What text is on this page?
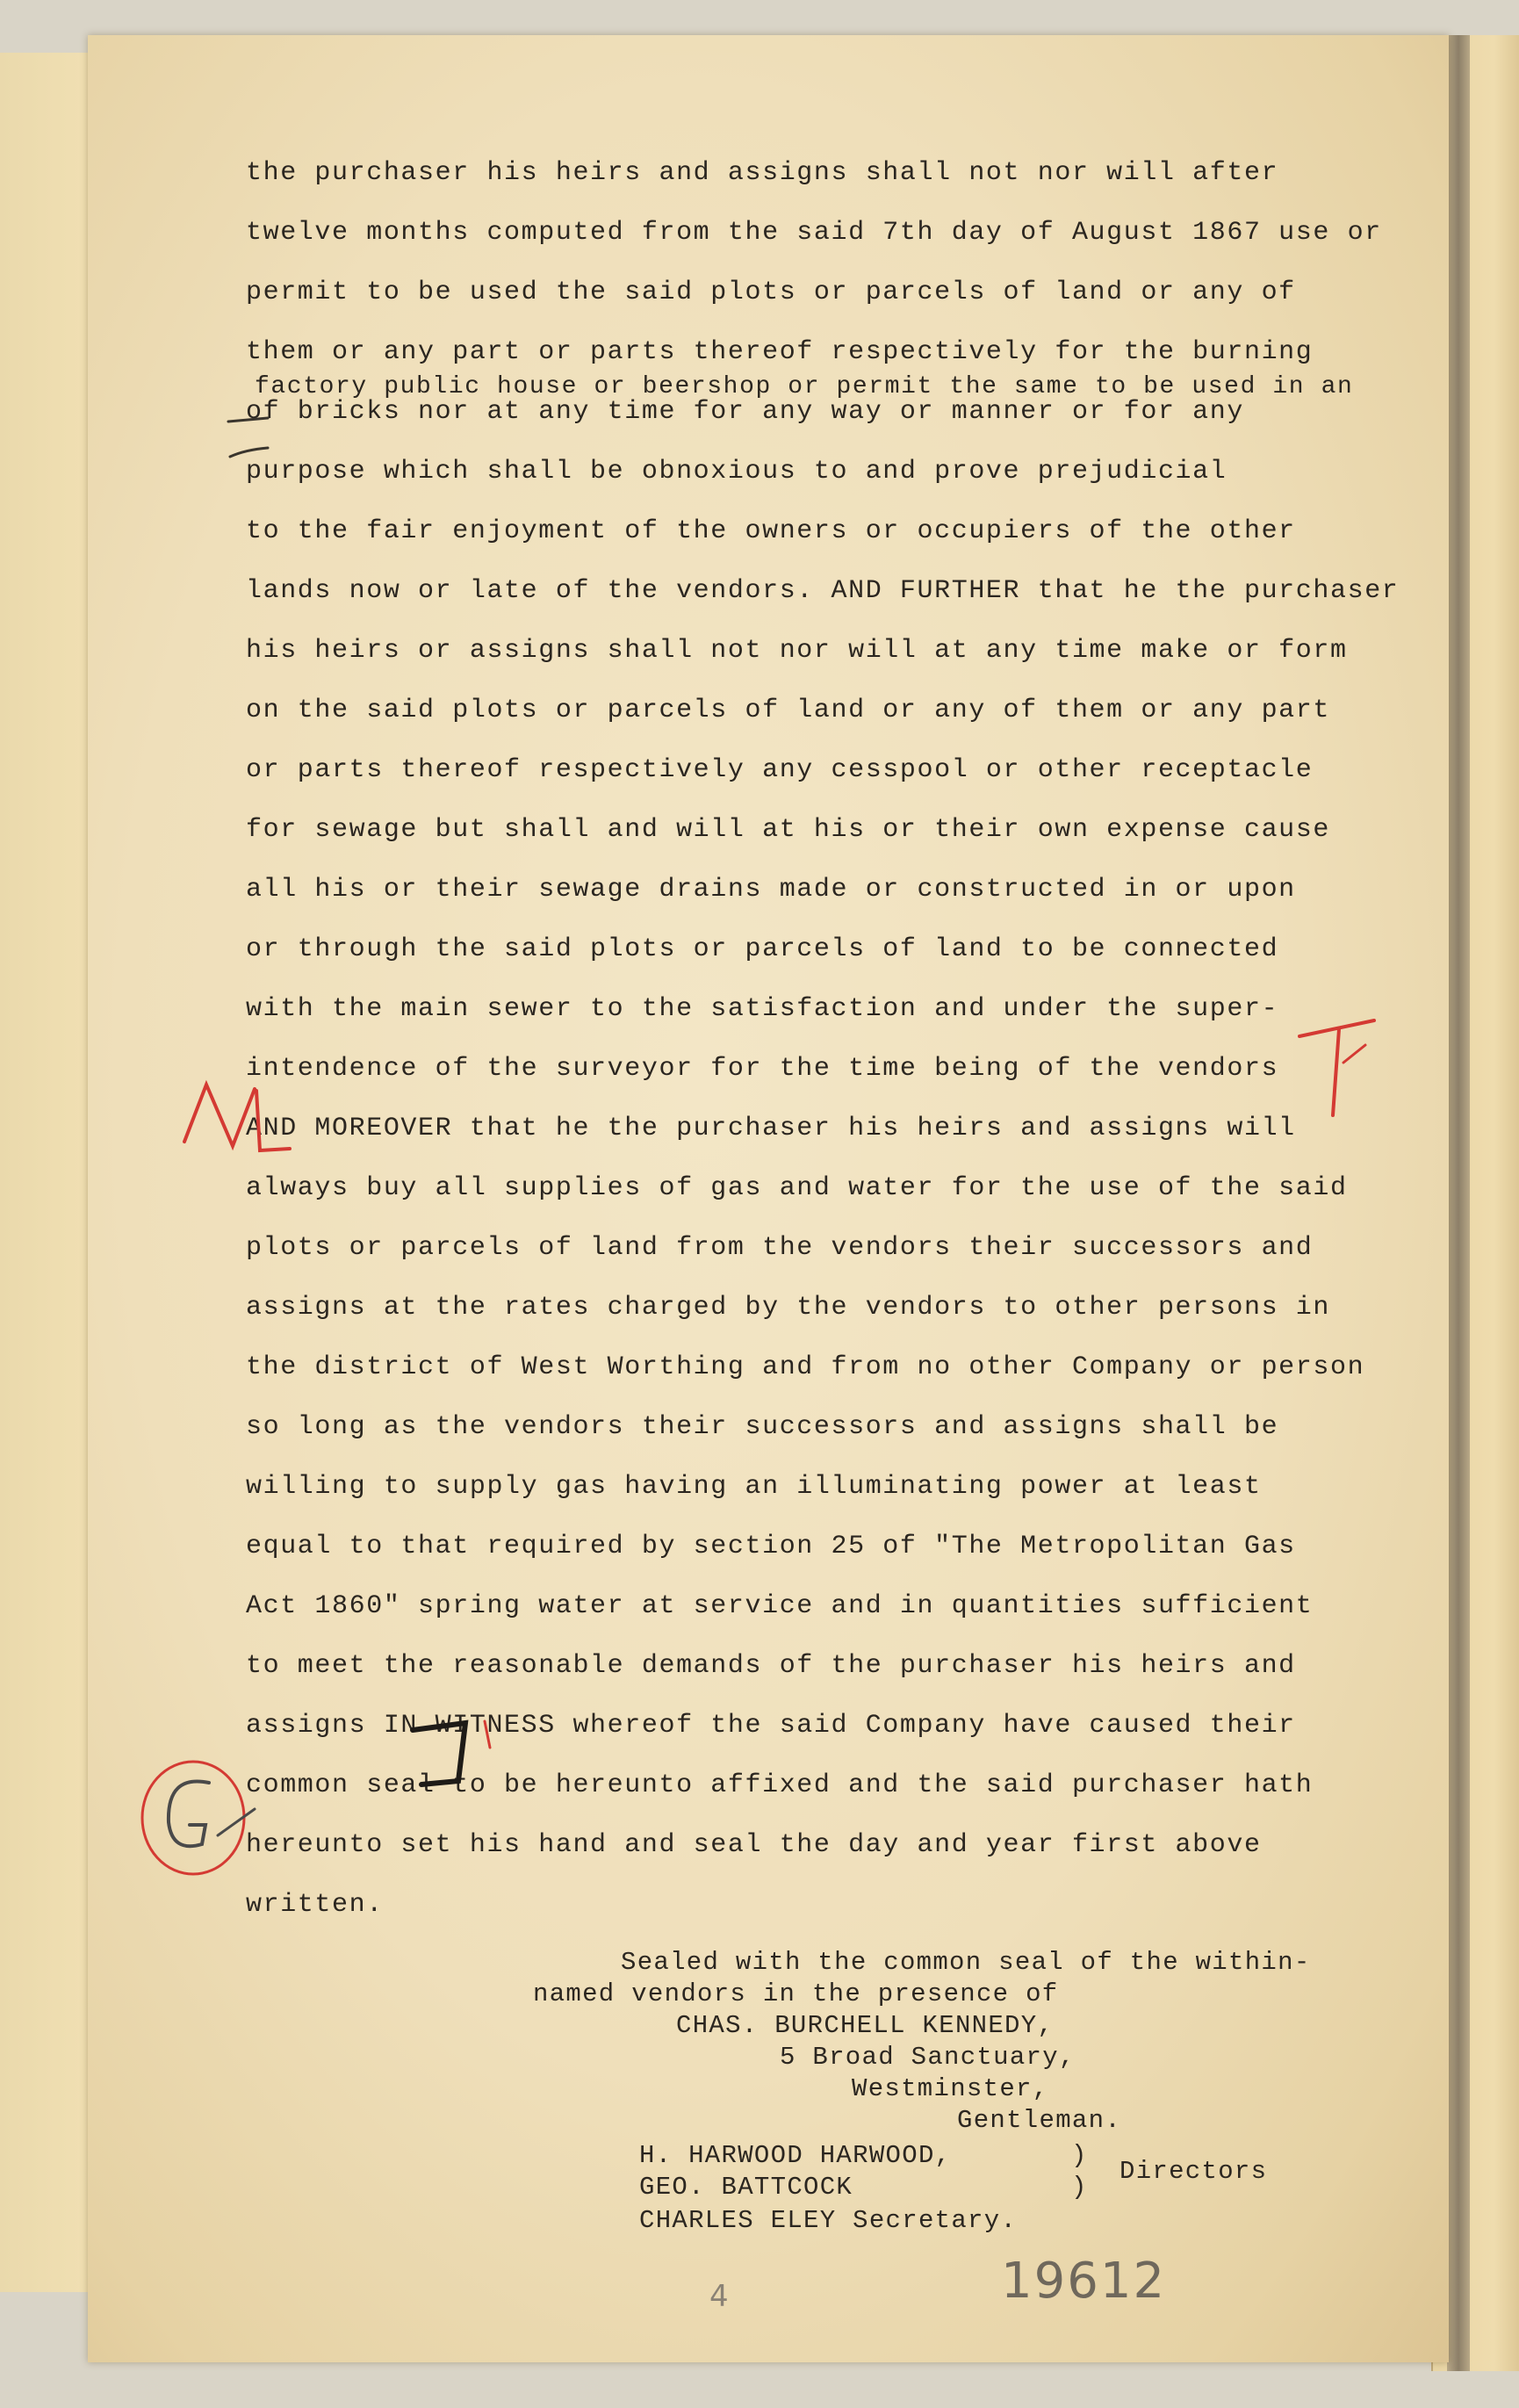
the purchaser his heirs and assigns shall not nor will after

twelve months computed from the said 7th day of August 1867 use or

permit to be used the said plots or parcels of land or any of

them or any part or parts thereof respectively for the burning

factory public house or beershop or permit the same to be used in an

of bricks nor at any time for any way or manner or for any

purpose which shall be obnoxious to and prove prejudicial

to the fair enjoyment of the owners or occupiers of the other

lands now or late of the vendors. AND FURTHER that he the purchaser

his heirs or assigns shall not nor will at any time make or form

on the said plots or parcels of land or any of them or any part

or parts thereof respectively any cesspool or other receptacle

for sewage but shall and will at his or their own expense cause

all his or their sewage drains made or constructed in or upon

or through the said plots or parcels of land to be connected

with the main sewer to the satisfaction and under the super-

intendence of the surveyor for the time being of the vendors

AND MOREOVER that he the purchaser his heirs and assigns will

always buy all supplies of gas and water for the use of the said

plots or parcels of land from the vendors their successors and

assigns at the rates charged by the vendors to other persons in

the district of West Worthing and from no other Company or person

so long as the vendors their successors and assigns shall be

willing to supply gas having an illuminating power at least

equal to that required by section 25 of "The Metropolitan Gas

Act 1860" spring water at service and in quantities sufficient

to meet the reasonable demands of the purchaser his heirs and

assigns IN WITNESS whereof the said Company have caused their

common seal to be hereunto affixed and the said purchaser hath

hereunto set his hand and seal the day and year first above

written.

Sealed with the common seal of the within-

named vendors in the presence of

CHAS. BURCHELL KENNEDY,

5 Broad Sanctuary,

Westminster,

Gentleman.

H. HARWOOD HARWOOD,	)

GEO. BATTCOCK	)

Directors

CHARLES ELEY Secretary.

4	19612
